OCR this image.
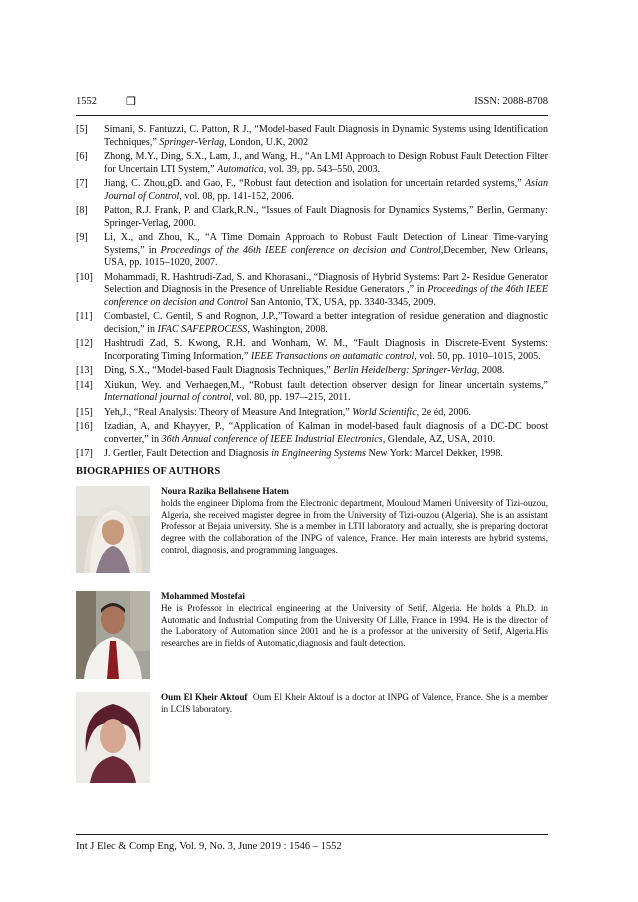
1552	❒	ISSN: 2088-8708
[5] Simani, S. Fantuzzi, C. Patton, R J., “Model-based Fault Diagnosis in Dynamic Systems using Identification Techniques,” Springer-Verlag, London, U.K, 2002
[6] Zhong, M.Y., Ding, S.X., Lam, J., and Wang, H., “An LMI Approach to Design Robust Fault Detection Filter for Uncertain LTI System,” Automatica, vol. 39, pp. 543–550, 2003.
[7] Jiang, C. Zhou,gD. and Gao, F., “Robust faut detection and isolation for uncertain retarded systems,” Asian Journal of Control, vol. 08, pp. 141-152, 2006.
[8] Patton, R.J. Frank, P. and Clark,R.N., “Issues of Fault Diagnosis for Dynamics Systems,” Berlin, Germany: Springer-Verlag, 2000.
[9] Li, X., and Zhou, K., “A Time Domain Approach to Robust Fault Detection of Linear Time-varying Systems,” in Proceedings of the 46th IEEE conference on decision and Control,December, New Orleans, USA, pp. 1015–1020, 2007.
[10] Mohammadi, R. Hashtrudi-Zad, S. and Khorasani., “Diagnosis of Hybrid Systems: Part 2- Residue Generator Selection and Diagnosis in the Presence of Unreliable Residue Generators ,” in Proceedings of the 46th IEEE conference on decision and Control San Antonio, TX, USA, pp. 3340-3345, 2009.
[11] Combastel, C. Gentil, S and Rognon, J.P.,”Toward a better integration of residue generation and diagnostic decision,” in IFAC SAFEPROCESS, Washington, 2008.
[12] Hashtrudi Zad, S. Kwong, R.H. and Wonham, W. M., “Fault Diagnosis in Discrete-Event Systems: Incorporating Timing Information,” IEEE Transactions on autamatic control, vol. 50, pp. 1010–1015, 2005.
[13] Ding, S.X., “Model-based Fault Diagnosis Techniques,” Berlin Heidelberg: Springer-Verlag, 2008.
[14] Xiukun, Wey. and Verhaegen,M., “Robust fault detection observer design for linear uncertain systems,” International journal of control, vol. 80, pp. 197–-215, 2011.
[15] Yeh,J., “Real Analysis: Theory of Measure And Integration,” World Scientific, 2e éd, 2006.
[16] Izadian, A, and Khayyer, P., “Application of Kalman in model-based fault diagnosis of a DC-DC boost converter,” in 36th Annual conference of IEEE Industrial Electronics, Glendale, AZ, USA, 2010.
[17] J. Gertler, Fault Detection and Diagnosis in Engineering Systems New York: Marcel Dekker, 1998.
BIOGRAPHIES OF AUTHORS
Noura Razika Bellahsene Hatem
holds the engineer Diploma from the Electronic department, Mouloud Mameri University of Tizi-ouzou, Algeria, she received magister degree in from the University of Tizi-ouzou (Algeria). She is an assistant Professor at Bejaia university. She is a member in LTII laboratory and actually, she is preparing doctorat degree with the collaboration of the INPG of valence, France. Her main interests are hybrid systems, control, diagnosis, and programming languages.
Mohammed Mostefai
He is Professor in electrical engineering at the University of Setif, Algeria. He holds a Ph.D. in Automatic and Industrial Computing from the University Of Lille, France in 1994. He is the director of the Laboratory of Automation since 2001 and he is a professor at the university of Setif, Algeria.His researches are in fields of Automatic,diagnosis and fault detection.
Oum El Kheir Aktouf Oum El Kheir Aktouf is a doctor at INPG of Valence, France. She is a member in LCIS laboratory.
Int J Elec & Comp Eng, Vol. 9, No. 3, June 2019 : 1546 – 1552
